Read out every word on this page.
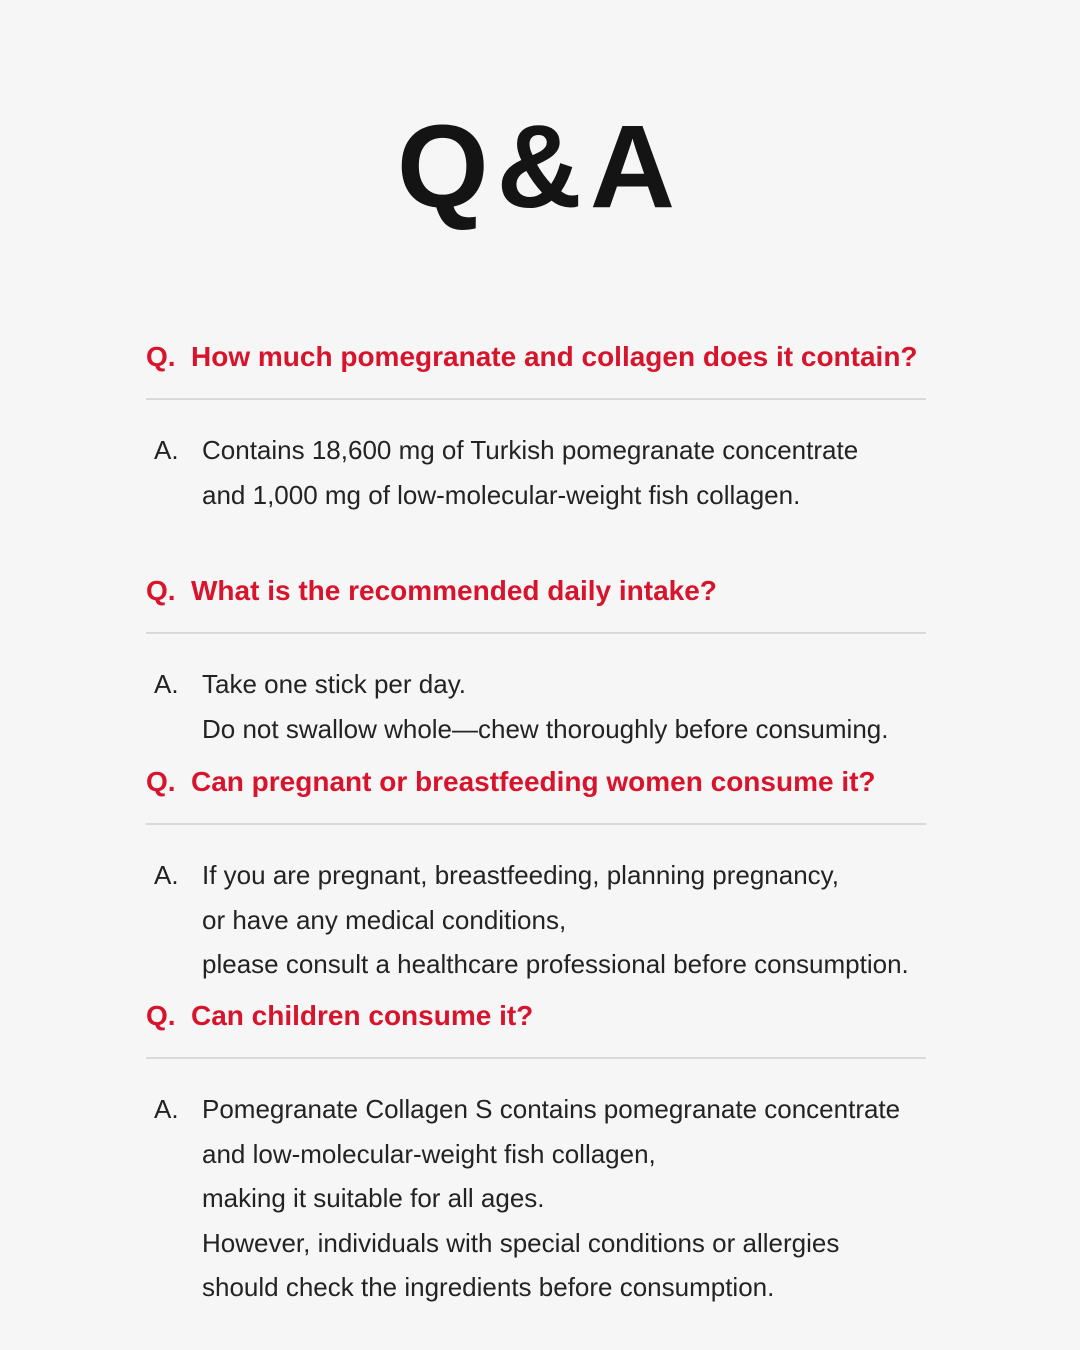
Q&A
Q. How much pomegranate and collagen does it contain?
A. Contains 18,600 mg of Turkish pomegranate concentrate
and 1,000 mg of low-molecular-weight fish collagen.
Q. What is the recommended daily intake?
A. Take one stick per day.
Do not swallow whole—chew thoroughly before consuming.
Q. Can pregnant or breastfeeding women consume it?
A. If you are pregnant, breastfeeding, planning pregnancy,
or have any medical conditions,
please consult a healthcare professional before consumption.
Q. Can children consume it?
A. Pomegranate Collagen S contains pomegranate concentrate
and low-molecular-weight fish collagen,
making it suitable for all ages.
However, individuals with special conditions or allergies
should check the ingredients before consumption.
